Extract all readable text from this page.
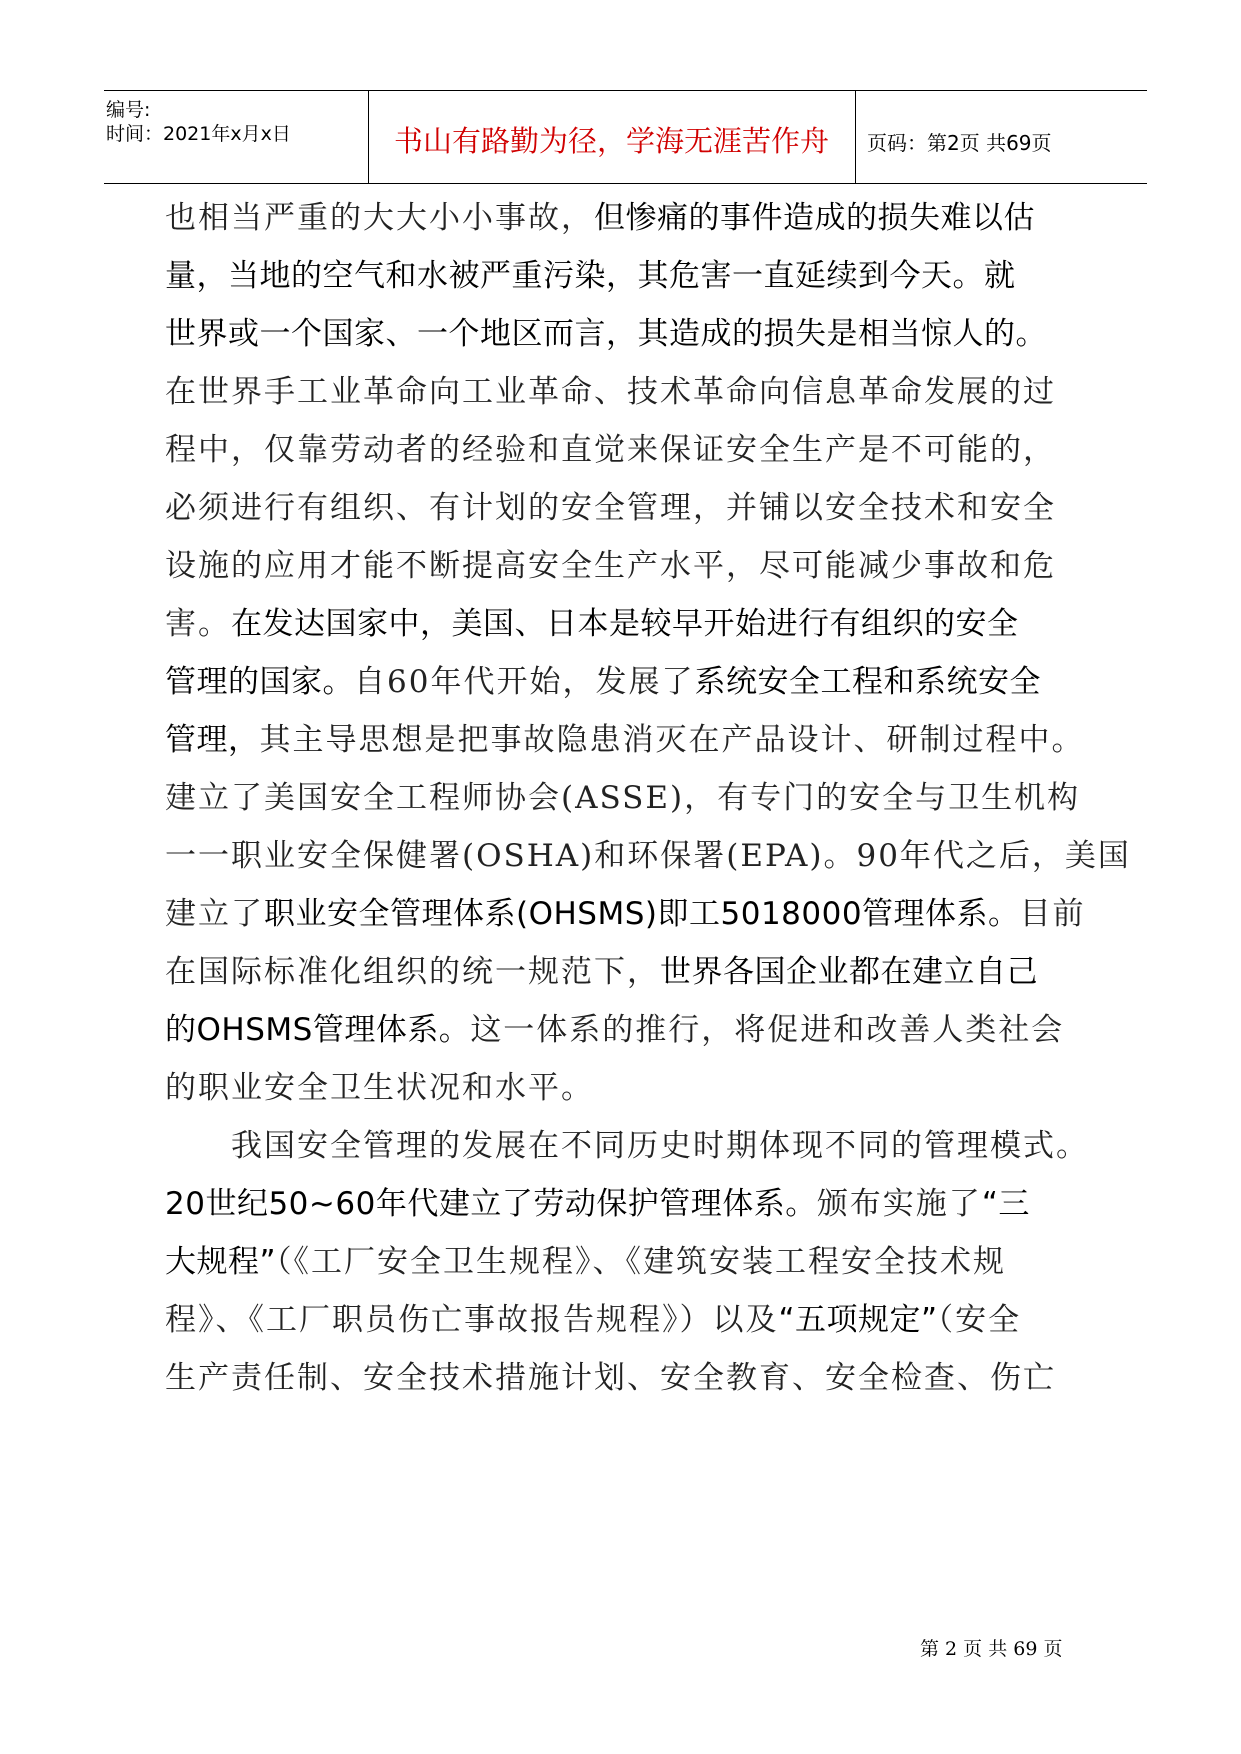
编号:
时间：2021年x月x日	书山有路勤为径，学海无涯苦作舟	页码：第2页 共69页
也相当严重的大大小小事故，但惨痛的事件造成的损失难以估
量，当地的空气和水被严重污染，其危害一直延续到今天。就
世界或一个国家、一个地区而言，其造成的损失是相当惊人的。
在世界手工业革命向工业革命、技术革命向信息革命发展的过
程中，仅靠劳动者的经验和直觉来保证安全生产是不可能的，
必须进行有组织、有计划的安全管理，并铺以安全技术和安全
设施的应用才能不断提高安全生产水平，尽可能减少事故和危
害。在发达国家中，美国、日本是较早开始进行有组织的安全
管理的国家。自60年代开始，发展了系统安全工程和系统安全
管理，其主导思想是把事故隐患消灭在产品设计、研制过程中。
建立了美国安全工程师协会(ASSE)，有专门的安全与卫生机构
一一职业安全保健署(OSHA)和环保署(EPA)。90年代之后，美国
建立了职业安全管理体系(OHSMS)即工5018000管理体系。目前
在国际标准化组织的统一规范下，世界各国企业都在建立自己
的OHSMS管理体系。这一体系的推行，将促进和改善人类社会
的职业安全卫生状况和水平。
我国安全管理的发展在不同历史时期体现不同的管理模式。
20世纪50~60年代建立了劳动保护管理体系。颁布实施了“三
大规程”（《工厂安全卫生规程》、《建筑安装工程安全技术规
程》、《工厂职员伤亡事故报告规程》）以及“五项规定”（安全
生产责任制、安全技术措施计划、安全教育、安全检查、伤亡
第 2 页 共 69 页
